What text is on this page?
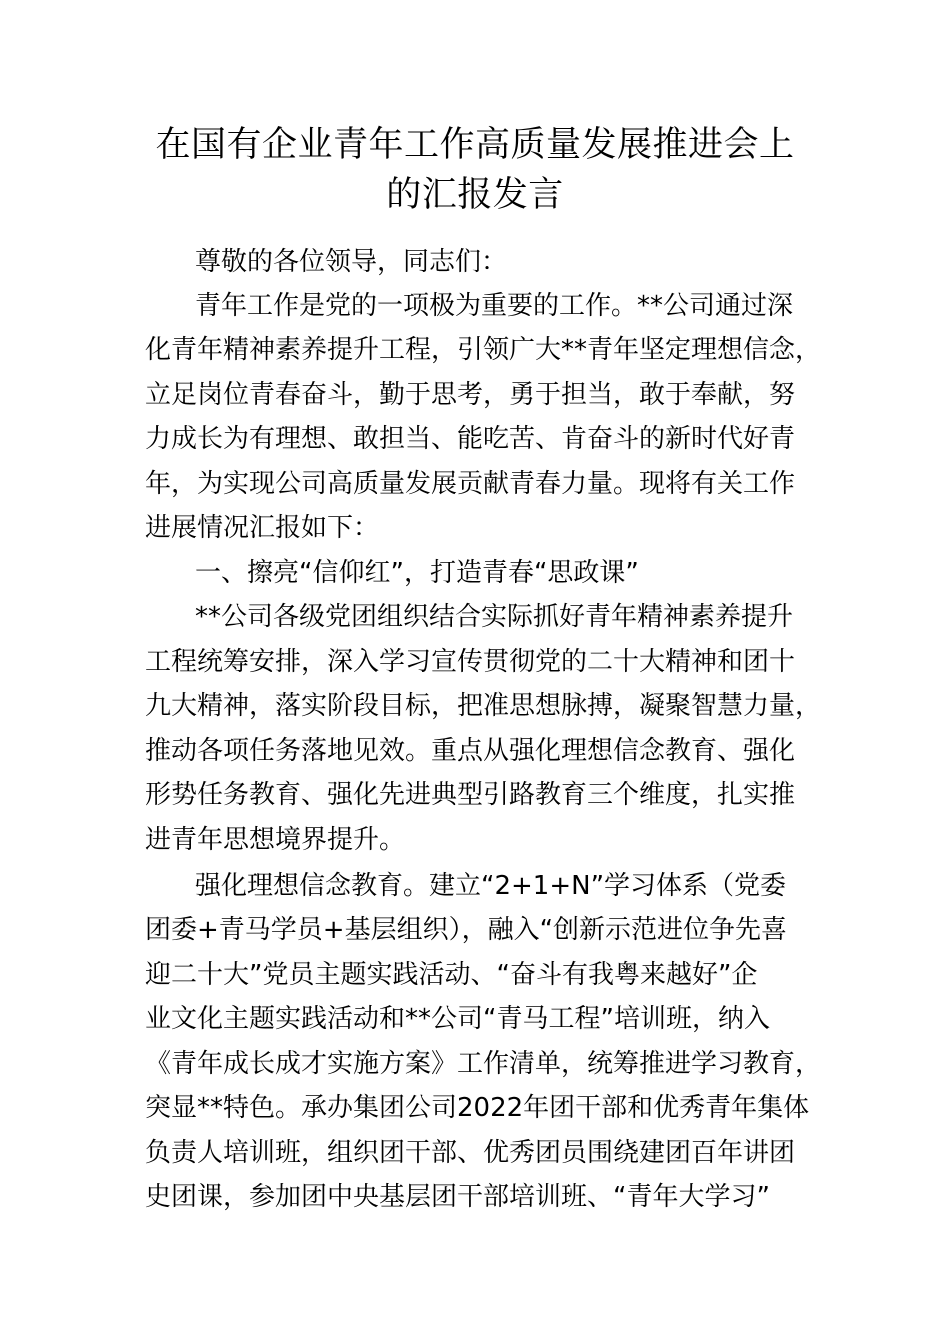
在国有企业青年工作高质量发展推进会上
的汇报发言
尊敬的各位领导，同志们：
青年工作是党的一项极为重要的工作。**公司通过深
化青年精神素养提升工程，引领广大**青年坚定理想信念，
立足岗位青春奋斗，勤于思考，勇于担当，敢于奉献，努
力成长为有理想、敢担当、能吃苦、肯奋斗的新时代好青
年，为实现公司高质量发展贡献青春力量。现将有关工作
进展情况汇报如下：
一、擦亮“信仰红”，打造青春“思政课”
**公司各级党团组织结合实际抓好青年精神素养提升
工程统筹安排，深入学习宣传贯彻党的二十大精神和团十
九大精神，落实阶段目标，把准思想脉搏，凝聚智慧力量，
推动各项任务落地见效。重点从强化理想信念教育、强化
形势任务教育、强化先进典型引路教育三个维度，扎实推
进青年思想境界提升。
强化理想信念教育。建立“2+1+N”学习体系（党委
团委+青马学员+基层组织），融入“创新示范进位争先喜
迎二十大”党员主题实践活动、“奋斗有我粤来越好”企
业文化主题实践活动和**公司“青马工程”培训班，纳入
《青年成长成才实施方案》工作清单，统筹推进学习教育，
突显**特色。承办集团公司2022年团干部和优秀青年集体
负责人培训班，组织团干部、优秀团员围绕建团百年讲团
史团课，参加团中央基层团干部培训班、“青年大学习”
